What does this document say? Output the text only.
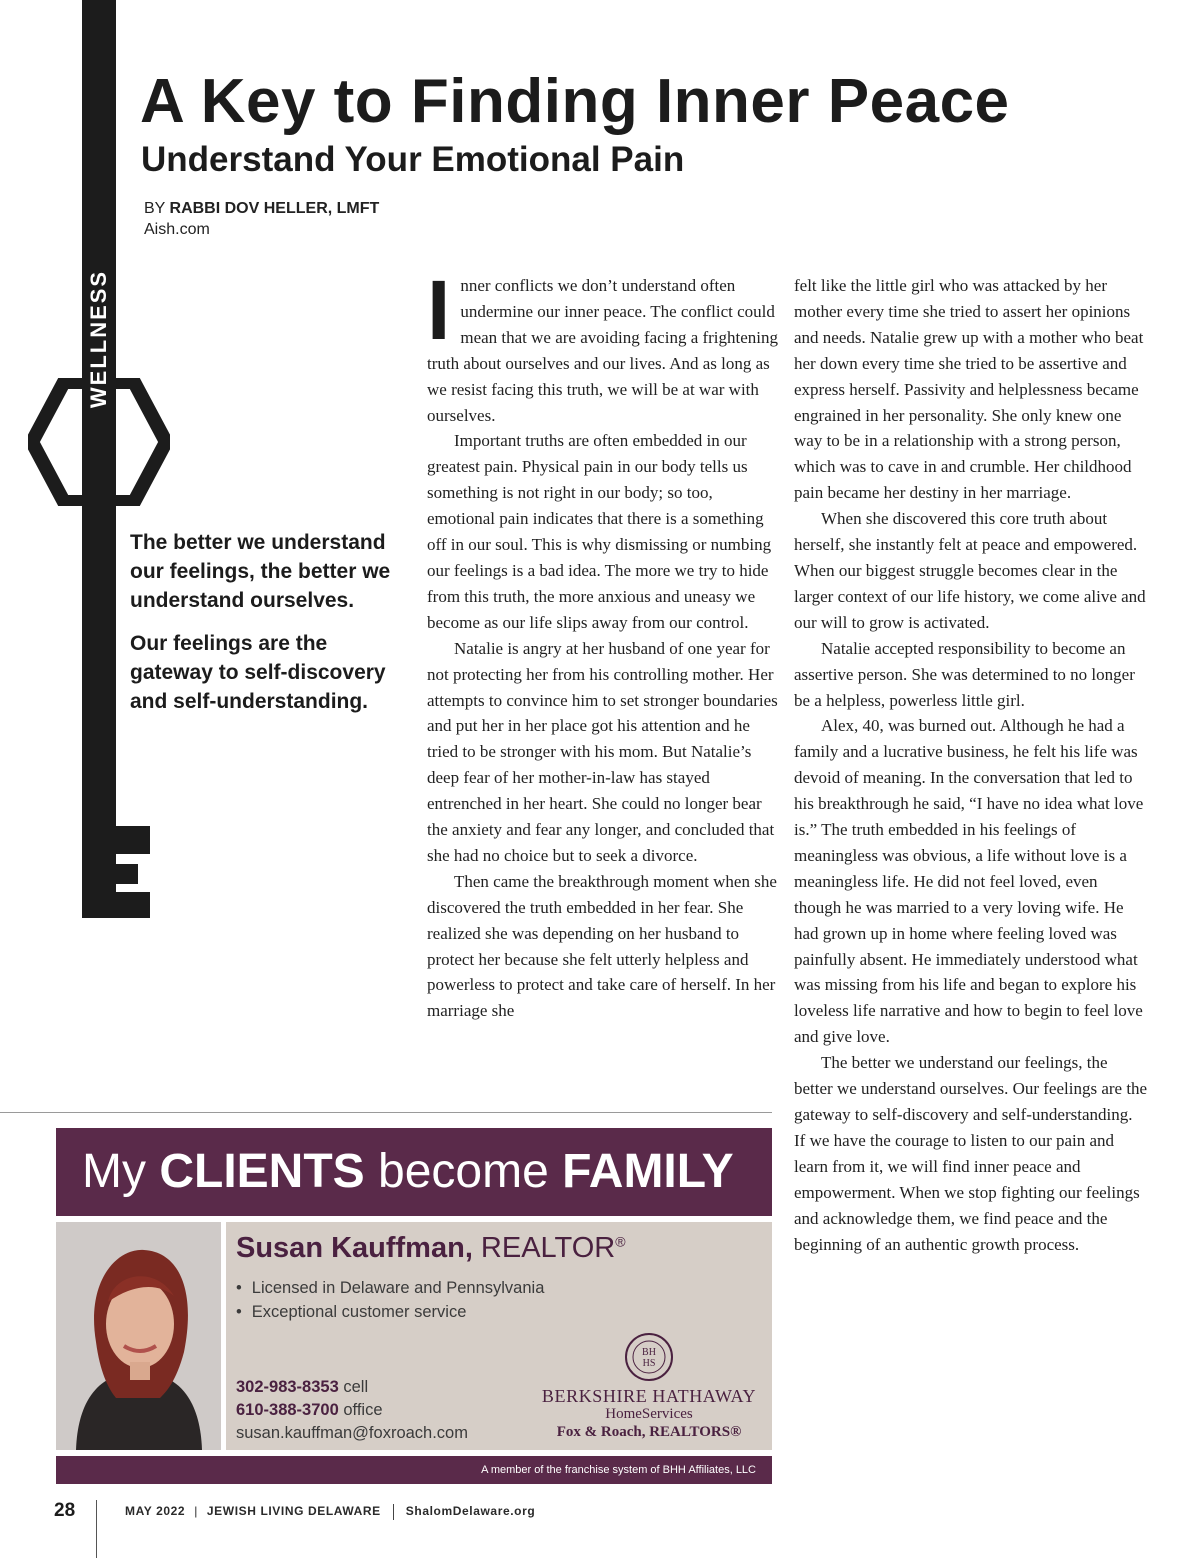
WELLNESS
A Key to Finding Inner Peace
Understand Your Emotional Pain
BY RABBI DOV HELLER, LMFT
Aish.com

The better we understand our feelings, the better we understand ourselves.

Our feelings are the gateway to self-discovery and self-understanding.

Inner conflicts we don’t understand often undermine our inner peace. The conflict could mean that we are avoiding facing a frightening truth about ourselves and our lives. And as long as we resist facing this truth, we will be at war with ourselves.

Important truths are often embedded in our greatest pain. Physical pain in our body tells us something is not right in our body; so too, emotional pain indicates that there is a something off in our soul. This is why dismissing or numbing our feelings is a bad idea. The more we try to hide from this truth, the more anxious and uneasy we become as our life slips away from our control.

Natalie is angry at her husband of one year for not protecting her from his controlling mother. Her attempts to convince him to set stronger boundaries and put her in her place got his attention and he tried to be stronger with his mom. But Natalie’s deep fear of her mother-in-law has stayed entrenched in her heart. She could no longer bear the anxiety and fear any longer, and concluded that she had no choice but to seek a divorce.

Then came the breakthrough moment when she discovered the truth embedded in her fear. She realized she was depending on her husband to protect her because she felt utterly helpless and powerless to protect and take care of herself. In her marriage she

felt like the little girl who was attacked by her mother every time she tried to assert her opinions and needs. Natalie grew up with a mother who beat her down every time she tried to be assertive and express herself. Passivity and helplessness became engrained in her personality. She only knew one way to be in a relationship with a strong person, which was to cave in and crumble. Her childhood pain became her destiny in her marriage.

When she discovered this core truth about herself, she instantly felt at peace and empowered. When our biggest struggle becomes clear in the larger context of our life history, we come alive and our will to grow is activated.

Natalie accepted responsibility to become an assertive person. She was determined to no longer be a helpless, powerless little girl.

Alex, 40, was burned out. Although he had a family and a lucrative business, he felt his life was devoid of meaning. In the conversation that led to his breakthrough he said, “I have no idea what love is.” The truth embedded in his feelings of meaningless was obvious, a life without love is a meaningless life. He did not feel loved, even though he was married to a very loving wife. He had grown up in home where feeling loved was painfully absent. He immediately understood what was missing from his life and began to explore his loveless life narrative and how to begin to feel love and give love.

The better we understand our feelings, the better we understand ourselves. Our feelings are the gateway to self-discovery and self-understanding. If we have the courage to listen to our pain and learn from it, we will find inner peace and empowerment. When we stop fighting our feelings and acknowledge them, we find peace and the beginning of an authentic growth process.

My CLIENTS become FAMILY
Susan Kauffman, REALTOR®
• Licensed in Delaware and Pennsylvania
• Exceptional customer service
302-983-8353 cell
610-388-3700 office
susan.kauffman@foxroach.com
BH
HS
BERKSHIRE HATHAWAY
HomeServices
Fox & Roach, REALTORS®
A member of the franchise system of BHH Affiliates, LLC
28	MAY 2022 | JEWISH LIVING DELAWARE ShalomDelaware.org
